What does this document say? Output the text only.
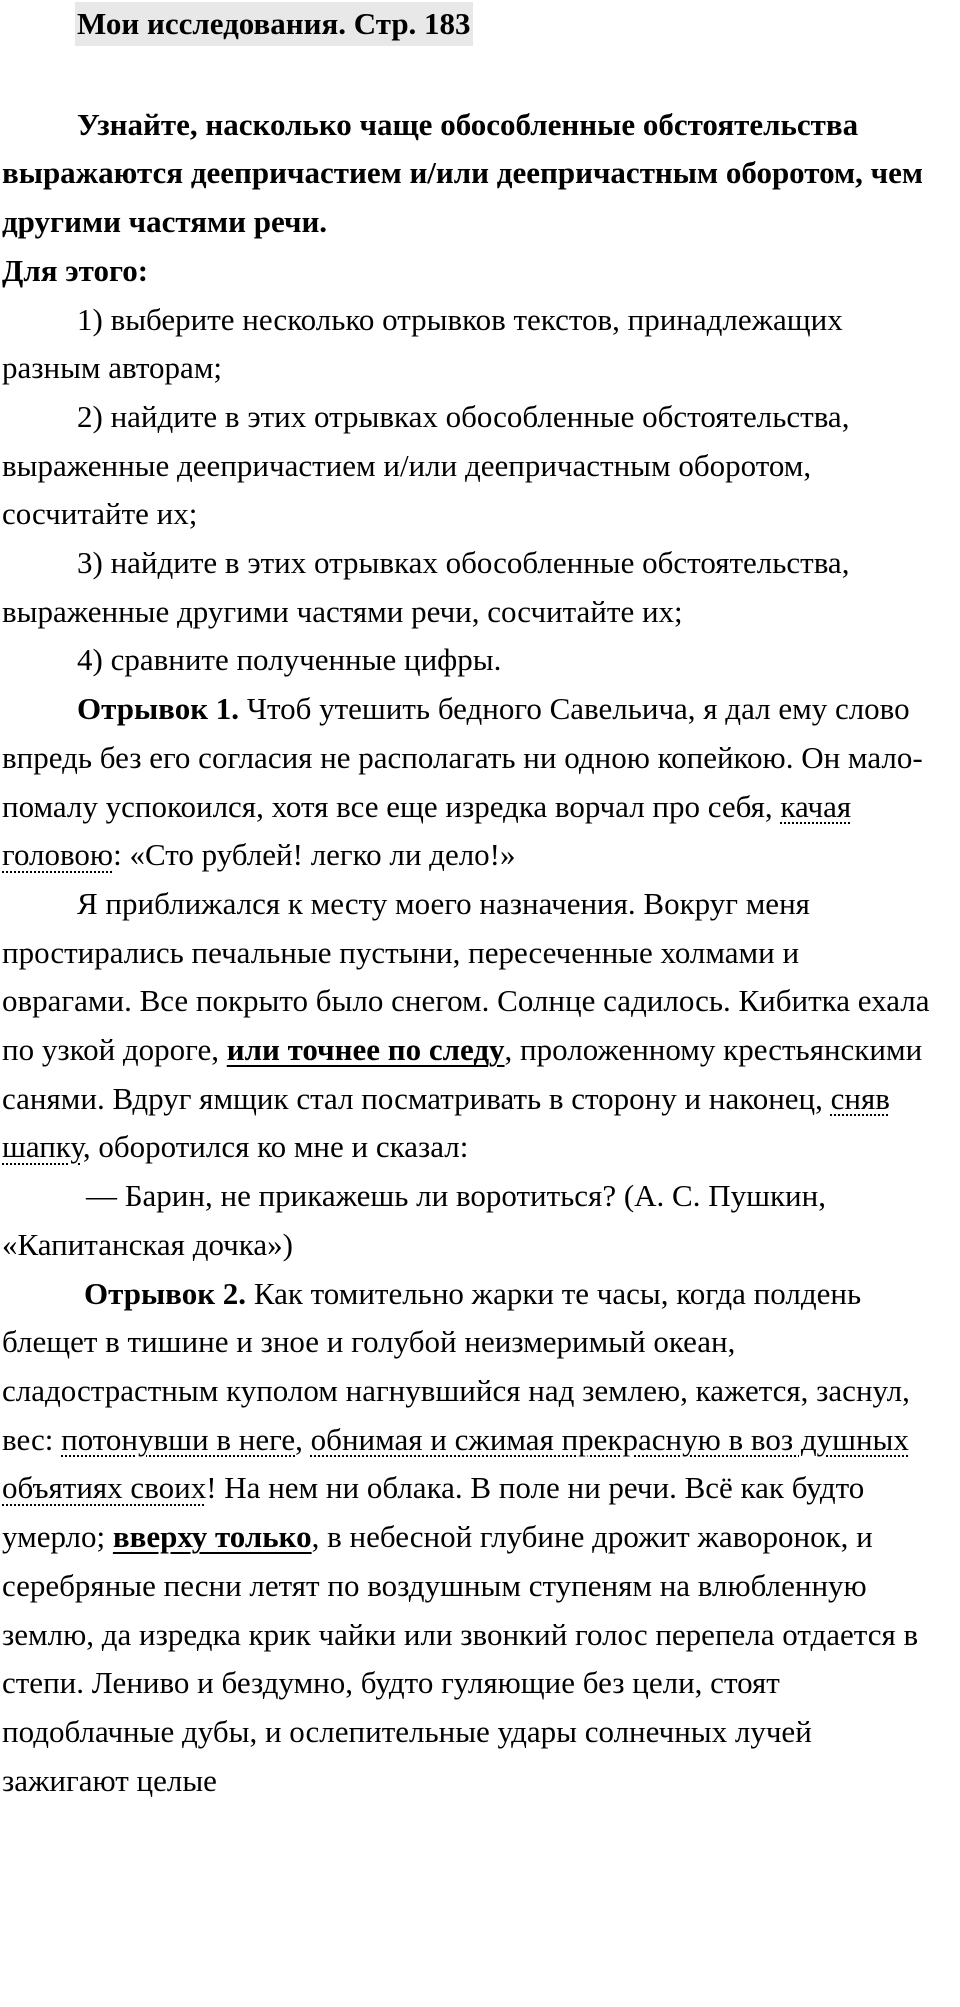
Мои исследования. Стр. 183

Узнайте, насколько чаще обособленные обстоятельства выражаются деепричастием и/или деепричастным оборотом, чем другими частями речи.

Для этого:

1) выберите несколько отрывков текстов, принадлежащих разным авторам;

2) найдите в этих отрывках обособленные обстоятельства, выраженные деепричастием и/или деепричастным оборотом, сосчитайте их;

3) найдите в этих отрывках обособленные обстоятельства, выраженные другими частями речи, сосчитайте их;

4) сравните полученные цифры.

Отрывок 1. Чтоб утешить бедного Савельича, я дал ему слово впредь без его согласия не располагать ни одною копейкою. Он мало-помалу успокоился, хотя все еще изредка ворчал про себя, качая головою: «Сто рублей! легко ли дело!»

Я приближался к месту моего назначения. Вокруг меня простирались печальные пустыни, пересеченные холмами и оврагами. Все покрыто было снегом. Солнце садилось. Кибитка ехала по узкой дороге, или точнее по следу, проложенному крестьянскими санями. Вдруг ямщик стал посматривать в сторону и наконец, сняв шапку, оборотился ко мне и сказал:

— Барин, не прикажешь ли воротиться? (А. С. Пушкин, «Капитанская дочка»)

Отрывок 2. Как томительно жарки те часы, когда полдень блещет в тишине и зное и голубой неизмеримый океан, сладострастным куполом нагнувшийся над землею, кажется, заснул, вес: потонувши в неге, обнимая и сжимая прекрасную в воз душных объятиях своих! На нем ни облака. В поле ни речи. Всё как будто умерло; вверху только, в небесной глубине дрожит жаворонок, и серебряные песни летят по воздушным ступеням на влюбленную землю, да изредка крик чайки или звонкий голос перепела отдается в степи. Лениво и бездумно, будто гуляющие без цели, стоят подоблачные дубы, и ослепительные удары солнечных лучей зажигают целые
